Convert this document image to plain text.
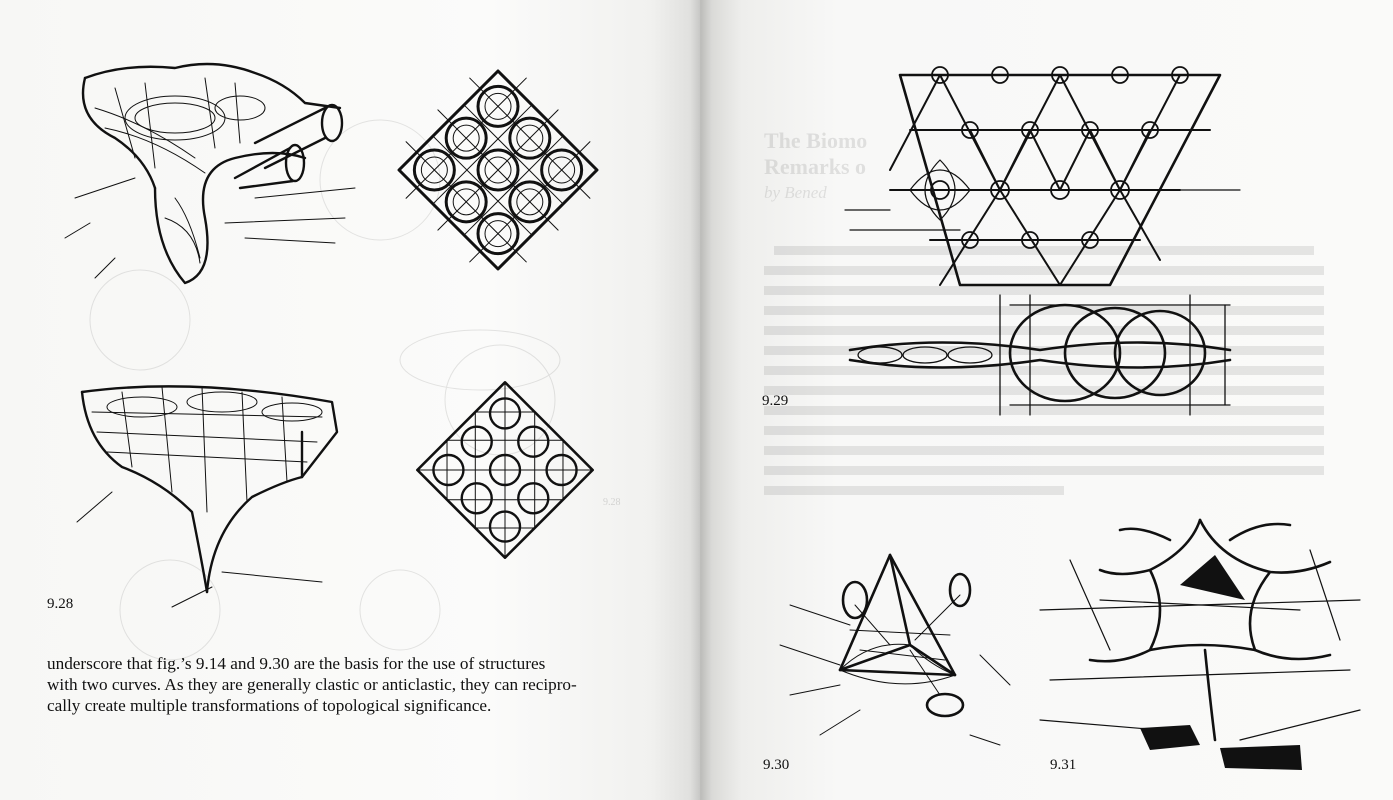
9.28
9.28
underscore that fig.’s 9.14 and 9.30 are the basis for the use of structures
with two curves. As they are generally clastic or anticlastic, they can recipro-
cally create multiple transformations of topological significance.
The Biomo
Remarks o
by Bened
9.29
9.30	9.31
